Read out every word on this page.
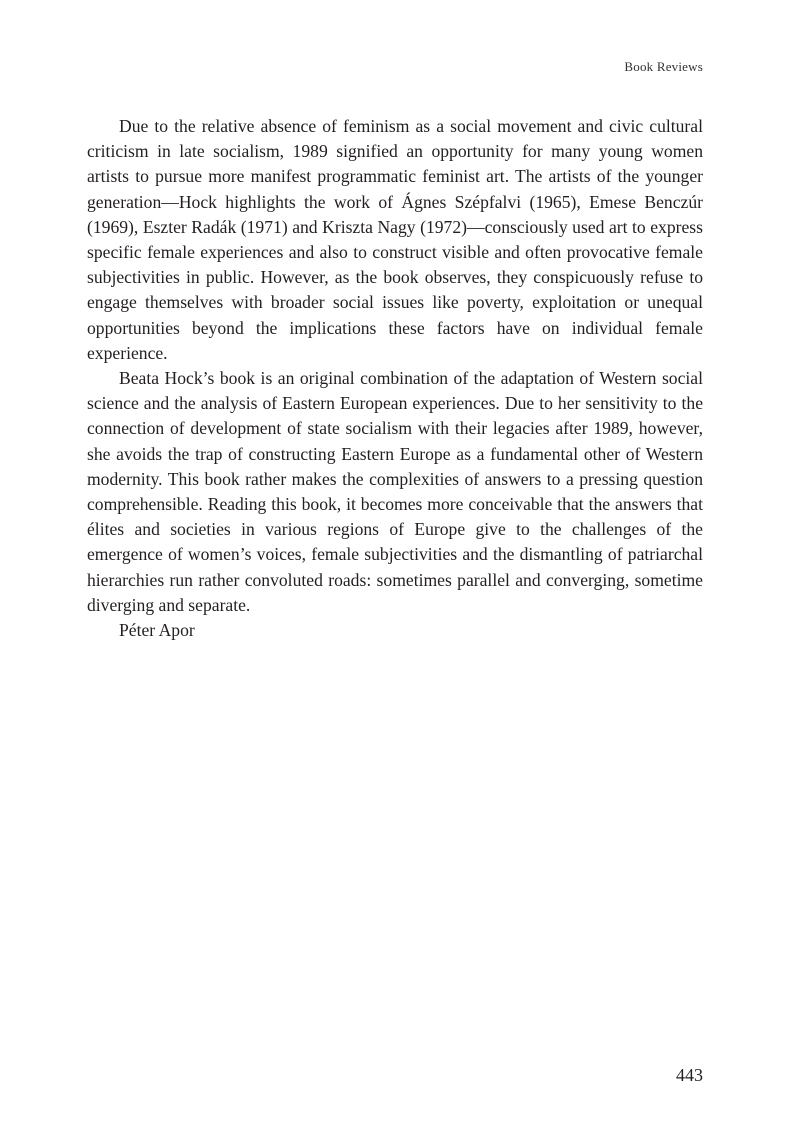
Book Reviews

Due to the relative absence of feminism as a social movement and civic cultural criticism in late socialism, 1989 signified an opportunity for many young women artists to pursue more manifest programmatic feminist art. The artists of the younger generation—Hock highlights the work of Ágnes Szépfalvi (1965), Emese Benczúr (1969), Eszter Radák (1971) and Kriszta Nagy (1972)—consciously used art to express specific female experiences and also to construct visible and often provocative female subjectivities in public. However, as the book observes, they conspicuously refuse to engage themselves with broader social issues like poverty, exploitation or unequal opportunities beyond the implications these factors have on individual female experience.

Beata Hock’s book is an original combination of the adaptation of Western social science and the analysis of Eastern European experiences. Due to her sensitivity to the connection of development of state socialism with their legacies after 1989, however, she avoids the trap of constructing Eastern Europe as a fundamental other of Western modernity. This book rather makes the complexities of answers to a pressing question comprehensible. Reading this book, it becomes more conceivable that the answers that élites and societies in various regions of Europe give to the challenges of the emergence of women’s voices, female subjectivities and the dismantling of patriarchal hierarchies run rather convoluted roads: sometimes parallel and converging, sometime diverging and separate.

Péter Apor

443
